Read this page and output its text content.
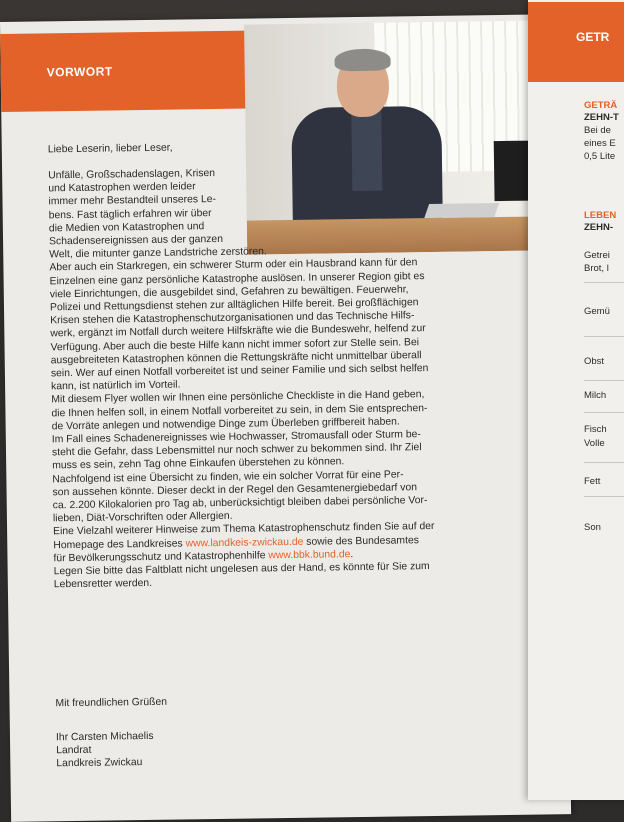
VORWORT
Liebe Leserin, lieber Leser,
Unfälle, Großschadenslagen, Krisen
und Katastrophen werden leider
immer mehr Bestandteil unseres Le-
bens. Fast täglich erfahren wir über
die Medien von Katastrophen und
Schadensereignissen aus der ganzen
Welt, die mitunter ganze Landstriche zerstören.
Aber auch ein Starkregen, ein schwerer Sturm oder ein Hausbrand kann für den
Einzelnen eine ganz persönliche Katastrophe auslösen. In unserer Region gibt es
viele Einrichtungen, die ausgebildet sind, Gefahren zu bewältigen. Feuerwehr,
Polizei und Rettungsdienst stehen zur alltäglichen Hilfe bereit. Bei großflächigen
Krisen stehen die Katastrophenschutzorganisationen und das Technische Hilfs-
werk, ergänzt im Notfall durch weitere Hilfskräfte wie die Bundeswehr, helfend zur
Verfügung. Aber auch die beste Hilfe kann nicht immer sofort zur Stelle sein. Bei
ausgebreiteten Katastrophen können die Rettungskräfte nicht unmittelbar überall
sein. Wer auf einen Notfall vorbereitet ist und seiner Familie und sich selbst helfen
kann, ist natürlich im Vorteil.
Mit diesem Flyer wollen wir Ihnen eine persönliche Checkliste in die Hand geben,
die Ihnen helfen soll, in einem Notfall vorbereitet zu sein, in dem Sie entsprechen-
de Vorräte anlegen und notwendige Dinge zum Überleben griffbereit haben.
Im Fall eines Schadenereignisses wie Hochwasser, Stromausfall oder Sturm be-
steht die Gefahr, dass Lebensmittel nur noch schwer zu bekommen sind. Ihr Ziel
muss es sein, zehn Tag ohne Einkaufen überstehen zu können.
Nachfolgend ist eine Übersicht zu finden, wie ein solcher Vorrat für eine Per-
son aussehen könnte. Dieser deckt in der Regel den Gesamtenergiebedarf von
ca. 2.200 Kilokalorien pro Tag ab, unberücksichtigt bleiben dabei persönliche Vor-
lieben, Diät-Vorschriften oder Allergien.
Eine Vielzahl weiterer Hinweise zum Thema Katastrophenschutz finden Sie auf der
Homepage des Landkreises www.landkeis-zwickau.de sowie des Bundesamtes
für Bevölkerungsschutz und Katastrophenhilfe www.bbk.bund.de.
Legen Sie bitte das Faltblatt nicht ungelesen aus der Hand, es könnte für Sie zum
Lebensretter werden.
Mit freundlichen Grüßen
Ihr Carsten Michaelis
Landrat
Landkreis Zwickau
GETR
GETRÄ
ZEHN-T
Bei de
eines E
0,5 Lite
LEBEN
ZEHN-
Getrei
Brot, l
Gemü
Obst
Milch
Fisch
Volle
Fett
Son
